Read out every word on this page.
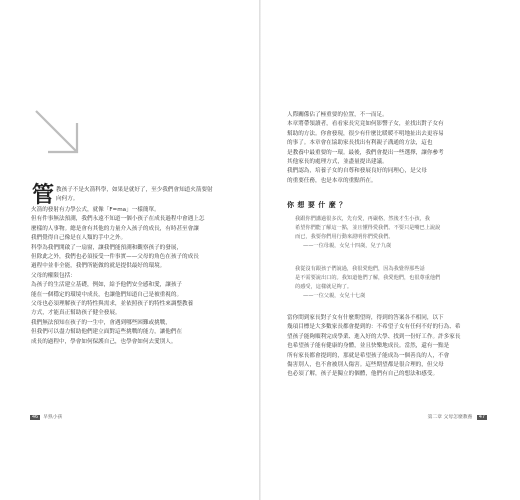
管 教孩子不是火箭科學，如果是就好了，至少我們會知道火箭要射
向何方。
火箭的發射有力學公式，就像「F=ma」一樣簡單。
但有件事無法預測，我們永遠不知道一個小孩子在成長過程中會遇上怎
麼樣的人事物。總是會有其他的力量介入孩子的成長，有時甚至會讓
我們覺得自己像是在人類的手中之外。
科學為我們開啟了一扇窗，讓我們能預測和觀察孩子的發展，
但除此之外，我們也必須接受一件事實——父母的角色在孩子的成長
過程中並非全能，我們所能做的就是提供最好的環境。
父母的權限包括：
為孩子的生活建立基礎，例如，給予他們安全感和愛，讓孩子
能在一個穩定的環境中成長，也讓他們知道自己是被重視的。
父母也必須理解孩子的特性與需求，並依照孩子的特性來調整教養
方式，才能真正幫助孩子健全發展。
我們無法預知在孩子的一生中，會遇到哪些困難或挑戰，
但我們可以盡力幫助他們建立面對這些挑戰的能力，讓他們在
成長的過程中，學會如何保護自己，也學會如何去愛別人。
46 早熟小孩
人際關係佔了極重要的位置，不一而足。
本章將帶領讀者，看看家長究竟如何影響子女，並找出對子女有
幫助的方法。你會發現，很少有什麼比暖暖不明地扯出去更容易
的事了。本章會在協助家長找出有利親子溝通的方法，這也
是教養中最重要的一環。最後，我們會提出一些選擇，讓你參考
其他家長的處理方式，並盡量提出建議。
我們認為，培養子女的自尊和發展良好的同理心，是父母
的重要任務，也是本章的重點所在。
你 想 要 什 麼 ？
我跟你們講過很多次，先有愛，再嚴格，然後才生小孩，我
希望你們能了解這一點，並且懂得愛我們。不要只是嘴巴上說說
而已，我要你們用行動來證明你們愛我們。
——一位母親，女兒十四歲，兒子九歲
我從沒有跟孩子們說過，我很愛他們，因為我覺得那些話
是不需要說出口的。我知道他們了解，我愛他們，也很尊重他們
的感受，這樣就足夠了。
——一位父親，女兒十七歲
當你問到家長對子女有什麼期望時，得到的答案各不相同，以下
幾項目標是大多數家長都會提到的：不希望子女有任何不好的行為、希
望孩子能夠順利完成學業、進入好的大學、找到一份好工作。許多家長
也希望孩子能有健康的身體，並且快樂地成長。當然，還有一點是
所有家長都會提到的，那就是希望孩子能成為一個善良的人，不會
傷害別人，也不會被別人傷害。這些期望都是很合理的，但父母
也必須了解，孩子是獨立的個體，他們有自己的想法和感受。
第二章 父母怎麼教養 47
